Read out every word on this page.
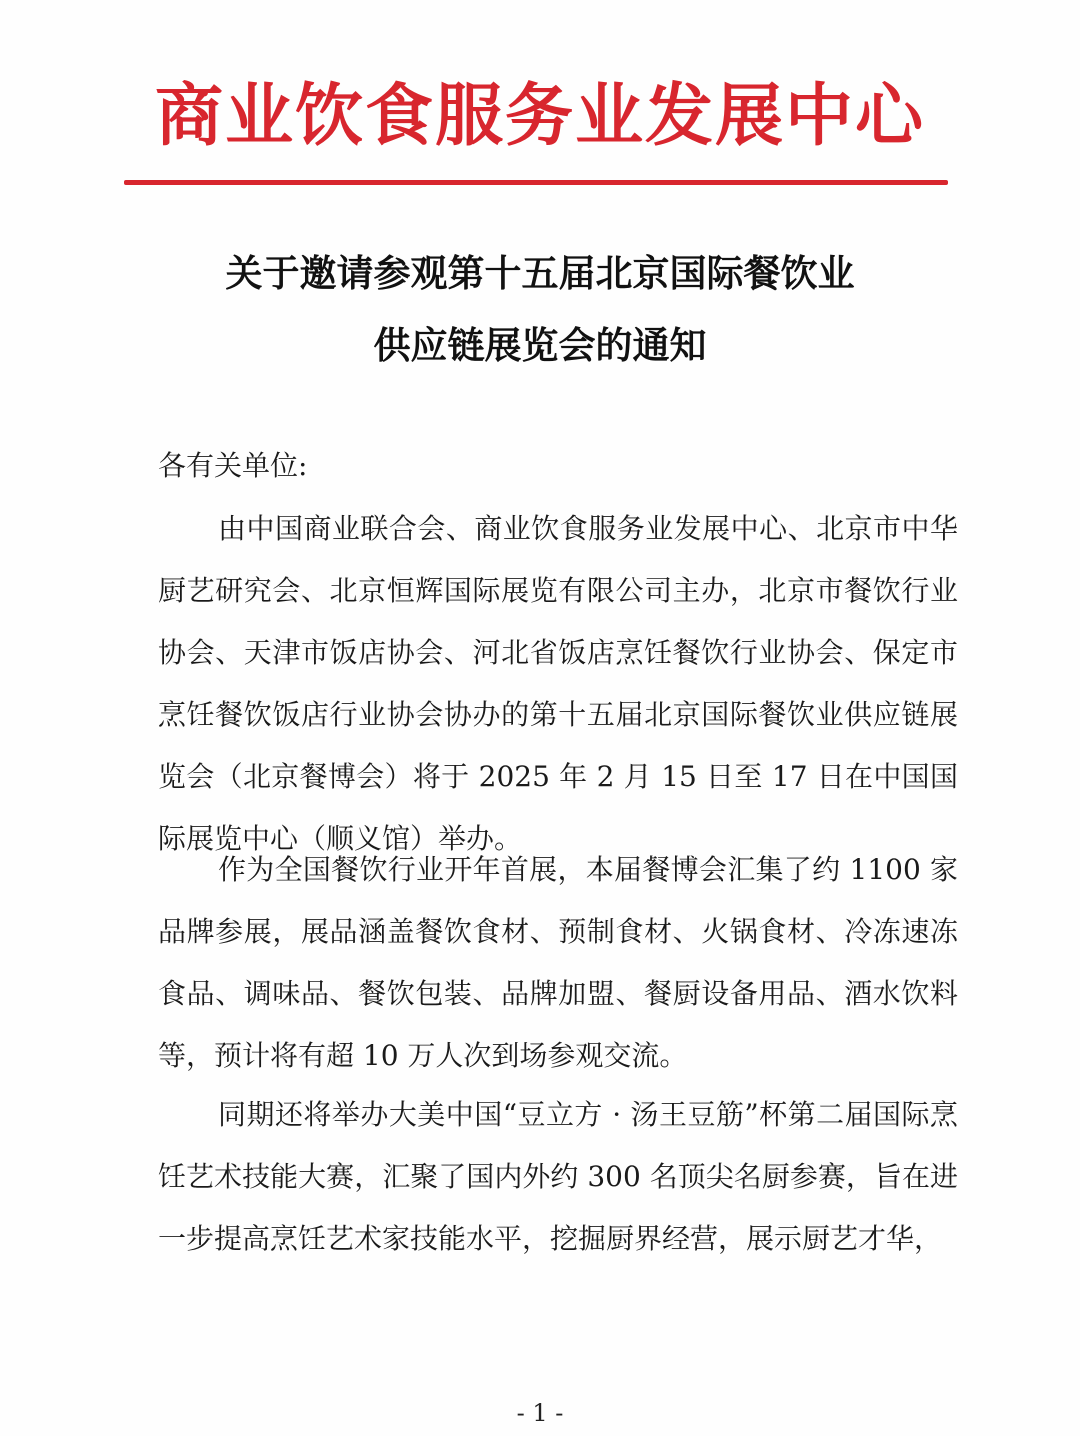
商业饮食服务业发展中心
关于邀请参观第十五届北京国际餐饮业
供应链展览会的通知
各有关单位:

由中国商业联合会、商业饮食服务业发展中心、北京市中华厨艺研究会、北京恒辉国际展览有限公司主办，北京市餐饮行业协会、天津市饭店协会、河北省饭店烹饪餐饮行业协会、保定市烹饪餐饮饭店行业协会协办的第十五届北京国际餐饮业供应链展览会（北京餐博会）将于 2025 年 2 月 15 日至 17 日在中国国际展览中心（顺义馆）举办。

作为全国餐饮行业开年首展，本届餐博会汇集了约 1100 家品牌参展，展品涵盖餐饮食材、预制食材、火锅食材、冷冻速冻食品、调味品、餐饮包装、品牌加盟、餐厨设备用品、酒水饮料等，预计将有超 10 万人次到场参观交流。

同期还将举办大美中国“豆立方 · 汤王豆筋”杯第二届国际烹饪艺术技能大赛，汇聚了国内外约 300 名顶尖名厨参赛，旨在进一步提高烹饪艺术家技能水平，挖掘厨界经营，展示厨艺才华，

- 1 -
